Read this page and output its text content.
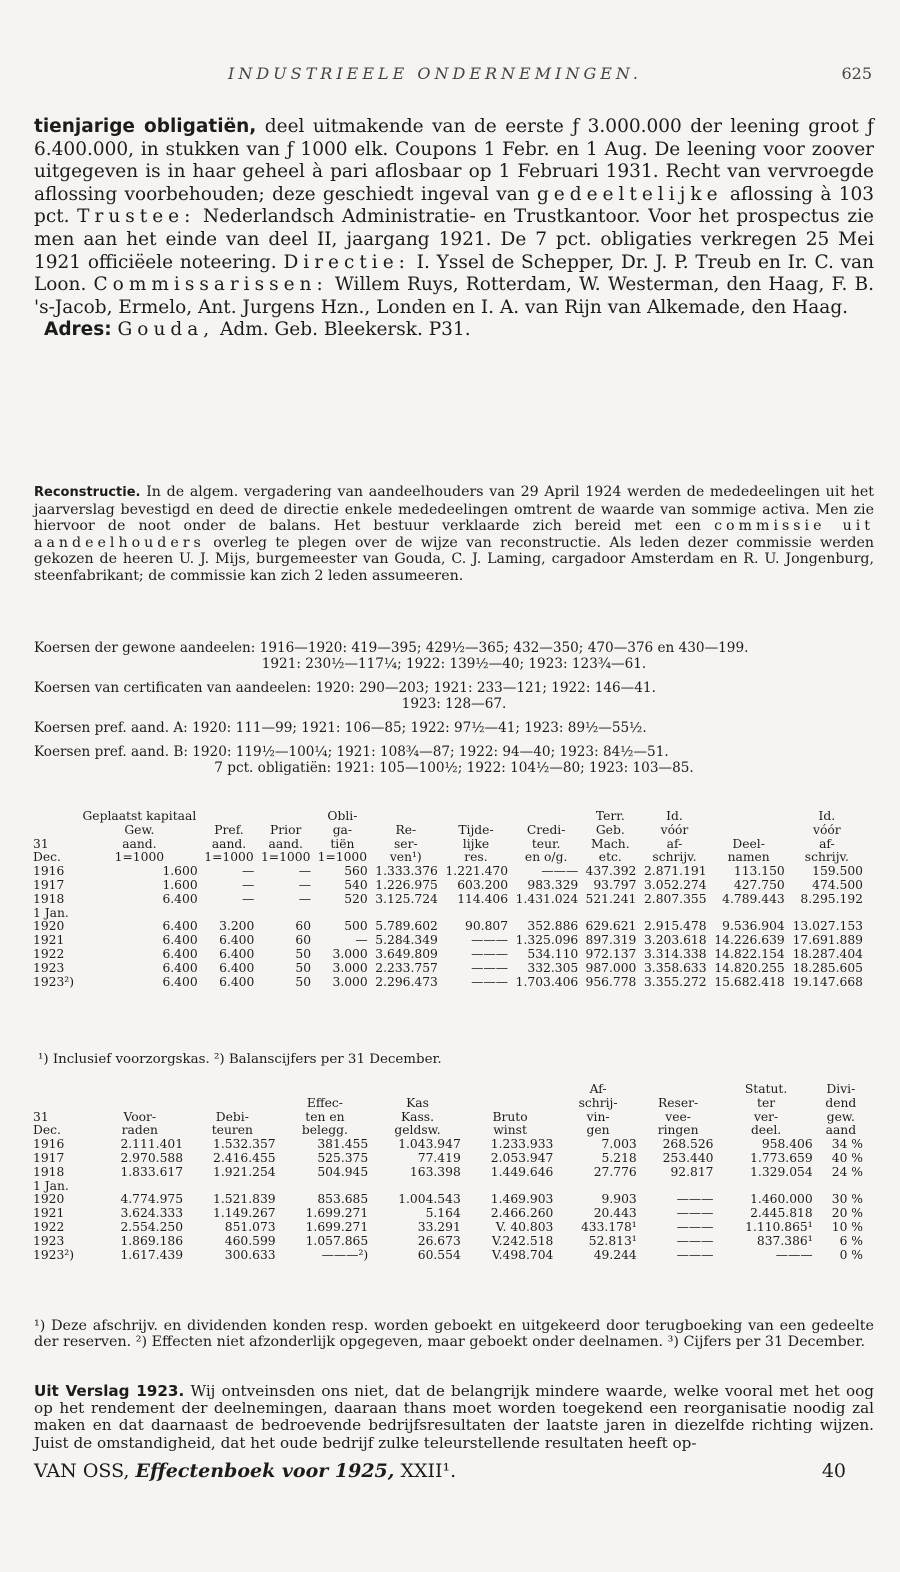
INDUSTRIEELE ONDERNEMINGEN.	625

tienjarige obligatiën, deel uitmakende van de eerste ƒ 3.000.000 der leening groot ƒ 6.400.000, in stukken van ƒ 1000 elk. Coupons 1 Febr. en 1 Aug. De leening voor zoover uitgegeven is in haar geheel à pari aflosbaar op 1 Februari 1931. Recht van vervroegde aflossing voorbehouden; deze geschiedt ingeval van gedeeltelijke aflossing à 103 pct. Trustee: Nederlandsch Administratie- en Trustkantoor. Voor het prospectus zie men aan het einde van deel II, jaargang 1921. De 7 pct. obligaties verkregen 25 Mei 1921 officiëele noteering. Directie: I. Yssel de Schepper, Dr. J. P. Treub en Ir. C. van Loon. Commissarissen: Willem Ruys, Rotterdam, W. Westerman, den Haag, F. B. 's-Jacob, Ermelo, Ant. Jurgens Hzn., Londen en I. A. van Rijn van Alkemade, den Haag.

Adres: Gouda, Adm. Geb. Bleekersk. P31.

Reconstructie. In de algem. vergadering van aandeelhouders van 29 April 1924 werden de mededeelingen uit het jaarverslag bevestigd en deed de directie enkele mededeelingen omtrent de waarde van sommige activa. Men zie hiervoor de noot onder de balans. Het bestuur verklaarde zich bereid met een commissie uit aandeelhouders overleg te plegen over de wijze van reconstructie. Als leden dezer commissie werden gekozen de heeren U. J. Mijs, burgemeester van Gouda, C. J. Laming, cargadoor Amsterdam en R. U. Jongenburg, steenfabrikant; de commissie kan zich 2 leden assumeeren.

Koersen der gewone aandeelen: 1916—1920: 419—395; 429½—365; 432—350; 470—376 en 430—199.
1921: 230½—117¼; 1922: 139½—40; 1923: 123¾—61.
Koersen van certificaten van aandeelen: 1920: 290—203; 1921: 233—121; 1922: 146—41.
1923: 128—67.
Koersen pref. aand. A: 1920: 111—99; 1921: 106—85; 1922: 97½—41; 1923: 89½—55½.
Koersen pref. aand. B: 1920: 119½—100¼; 1921: 108¾—87; 1922: 94—40; 1923: 84½—51.
7 pct. obligatiën: 1921: 105—100½; 1922: 104½—80; 1923: 103—85.
	Geplaatst kapitaal			Obli-				Terr.	Id.		Id.
	Gew.	Pref.	Prior	ga-	Re-	Tijde-	Credi-	Geb.	vóór		vóór
31	aand.	aand.	aand.	tiën	ser-	lijke	teur.	Mach.	af-	Deel-	af-
Dec.	1=1000	1=1000	1=1000	1=1000	ven¹)	res.	en o/g.	etc.	schrijv.	namen	schrijv.
1916	1.600	—	—	560	1.333.376	1.221.470	———	437.392	2.871.191	113.150	159.500
1917	1.600	—	—	540	1.226.975	603.200	983.329	93.797	3.052.274	427.750	474.500
1918	6.400	—	—	520	3.125.724	114.406	1.431.024	521.241	2.807.355	4.789.443	8.295.192
1 Jan.											
1920	6.400	3.200	60	500	5.789.602	90.807	352.886	629.621	2.915.478	9.536.904	13.027.153
1921	6.400	6.400	60	—	5.284.349	———	1.325.096	897.319	3.203.618	14.226.639	17.691.889
1922	6.400	6.400	50	3.000	3.649.809	———	534.110	972.137	3.314.338	14.822.154	18.287.404
1923	6.400	6.400	50	3.000	2.233.757	———	332.305	987.000	3.358.633	14.820.255	18.285.605
1923²)	6.400	6.400	50	3.000	2.296.473	———	1.703.406	956.778	3.355.272	15.682.418	19.147.668
¹) Inclusief voorzorgskas. ²) Balanscijfers per 31 December.
						Af-		Statut.	Divi-
			Effec-	Kas		schrij-	Reser-	ter	dend
31	Voor-	Debi-	ten en	Kass.	Bruto	vin-	vee-	ver-	gew.
Dec.	raden	teuren	belegg.	geldsw.	winst	gen	ringen	deel.	aand
1916	2.111.401	1.532.357	381.455	1.043.947	1.233.933	7.003	268.526	958.406	34 %
1917	2.970.588	2.416.455	525.375	77.419	2.053.947	5.218	253.440	1.773.659	40 %
1918	1.833.617	1.921.254	504.945	163.398	1.449.646	27.776	92.817	1.329.054	24 %
1 Jan.									
1920	4.774.975	1.521.839	853.685	1.004.543	1.469.903	9.903	———	1.460.000	30 %
1921	3.624.333	1.149.267	1.699.271	5.164	2.466.260	20.443	———	2.445.818	20 %
1922	2.554.250	851.073	1.699.271	33.291	V. 40.803	433.178¹	———	1.110.865¹	10 %
1923	1.869.186	460.599	1.057.865	26.673	V.242.518	52.813¹	———	837.386¹	6 %
1923²)	1.617.439	300.633	———²)	60.554	V.498.704	49.244	———	———	0 %
¹) Deze afschrijv. en dividenden konden resp. worden geboekt en uitgekeerd door terugboeking van een gedeelte der reserven. ²) Effecten niet afzonderlijk opgegeven, maar geboekt onder deelnamen. ³) Cijfers per 31 December.

Uit Verslag 1923. Wij ontveinsden ons niet, dat de belangrijk mindere waarde, welke vooral met het oog op het rendement der deelnemingen, daaraan thans moet worden toegekend een reorganisatie noodig zal maken en dat daarnaast de bedroevende bedrijfsresultaten der laatste jaren in diezelfde richting wijzen. Juist de omstandigheid, dat het oude bedrijf zulke teleurstellende resultaten heeft op-

VAN OSS, Effectenboek voor 1925, XXII¹.	40
